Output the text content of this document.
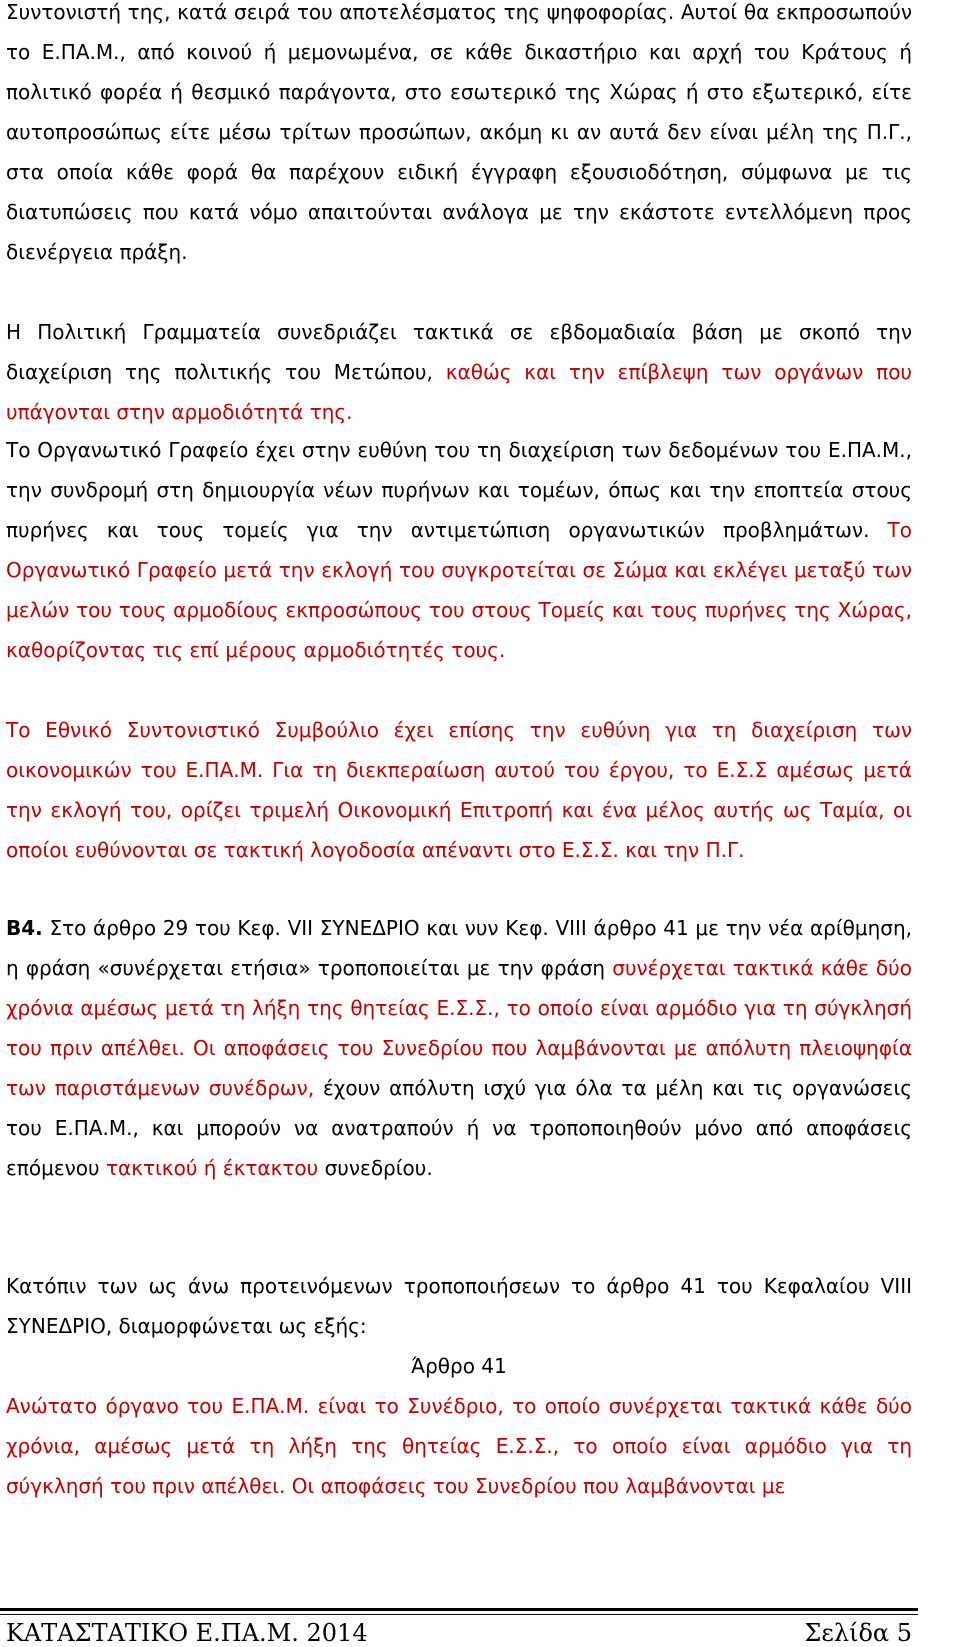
Συντονιστή της, κατά σειρά του αποτελέσματος της ψηφοφορίας. Αυτοί θα εκπροσωπούν το Ε.ΠΑ.Μ., από κοινού ή μεμονωμένα, σε κάθε δικαστήριο και αρχή του Κράτους ή πολιτικό φορέα ή θεσμικό παράγοντα, στο εσωτερικό της Χώρας ή στο εξωτερικό, είτε αυτοπροσώπως είτε μέσω τρίτων προσώπων, ακόμη κι αν αυτά δεν είναι μέλη της Π.Γ., στα οποία κάθε φορά θα παρέχουν ειδική έγγραφη εξουσιοδότηση, σύμφωνα με τις διατυπώσεις που κατά νόμο απαιτούνται ανάλογα με την εκάστοτε εντελλόμενη προς διενέργεια πράξη.

Η Πολιτική Γραμματεία συνεδριάζει τακτικά σε εβδομαδιαία βάση με σκοπό την διαχείριση της πολιτικής του Μετώπου, καθώς και την επίβλεψη των οργάνων που υπάγονται στην αρμοδιότητά της.

Το Οργανωτικό Γραφείο έχει στην ευθύνη του τη διαχείριση των δεδομένων του Ε.ΠΑ.Μ., την συνδρομή στη δημιουργία νέων πυρήνων και τομέων, όπως και την εποπτεία στους πυρήνες και τους τομείς για την αντιμετώπιση οργανωτικών προβλημάτων. Το Οργανωτικό Γραφείο μετά την εκλογή του συγκροτείται σε Σώμα και εκλέγει μεταξύ των μελών του τους αρμοδίους εκπροσώπους του στους Τομείς και τους πυρήνες της Χώρας, καθορίζοντας τις επί μέρους αρμοδιότητές τους.

Το Εθνικό Συντονιστικό Συμβούλιο έχει επίσης την ευθύνη για τη διαχείριση των οικονομικών του Ε.ΠΑ.Μ. Για τη διεκπεραίωση αυτού του έργου, το Ε.Σ.Σ αμέσως μετά την εκλογή του, ορίζει τριμελή Οικονομική Επιτροπή και ένα μέλος αυτής ως Ταμία, οι οποίοι ευθύνονται σε τακτική λογοδοσία απέναντι στο Ε.Σ.Σ. και την Π.Γ.

Β4. Στο άρθρο 29 του Κεφ. VII ΣΥΝΕΔΡΙΟ και νυν Κεφ. VIII άρθρο 41 με την νέα αρίθμηση, η φράση «συνέρχεται ετήσια» τροποποιείται με την φράση συνέρχεται τακτικά κάθε δύο χρόνια αμέσως μετά τη λήξη της θητείας Ε.Σ.Σ., το οποίο είναι αρμόδιο για τη σύγκλησή του πριν απέλθει. Οι αποφάσεις του Συνεδρίου που λαμβάνονται με απόλυτη πλειοψηφία των παριστάμενων συνέδρων, έχουν απόλυτη ισχύ για όλα τα μέλη και τις οργανώσεις του Ε.ΠΑ.Μ., και μπορούν να ανατραπούν ή να τροποποιηθούν μόνο από αποφάσεις επόμενου τακτικού ή έκτακτου συνεδρίου.

Κατόπιν των ως άνω προτεινόμενων τροποποιήσεων το άρθρο 41 του Κεφαλαίου VIII ΣΥΝΕΔΡΙΟ, διαμορφώνεται ως εξής:

Άρθρο 41

Ανώτατο όργανο του Ε.ΠΑ.Μ. είναι το Συνέδριο, το οποίο συνέρχεται τακτικά κάθε δύο χρόνια, αμέσως μετά τη λήξη της θητείας Ε.Σ.Σ., το οποίο είναι αρμόδιο για τη σύγκλησή του πριν απέλθει. Οι αποφάσεις του Συνεδρίου που λαμβάνονται με

ΚΑΤΑΣΤΑΤΙΚΟ Ε.ΠΑ.Μ. 2014	Σελίδα 5
